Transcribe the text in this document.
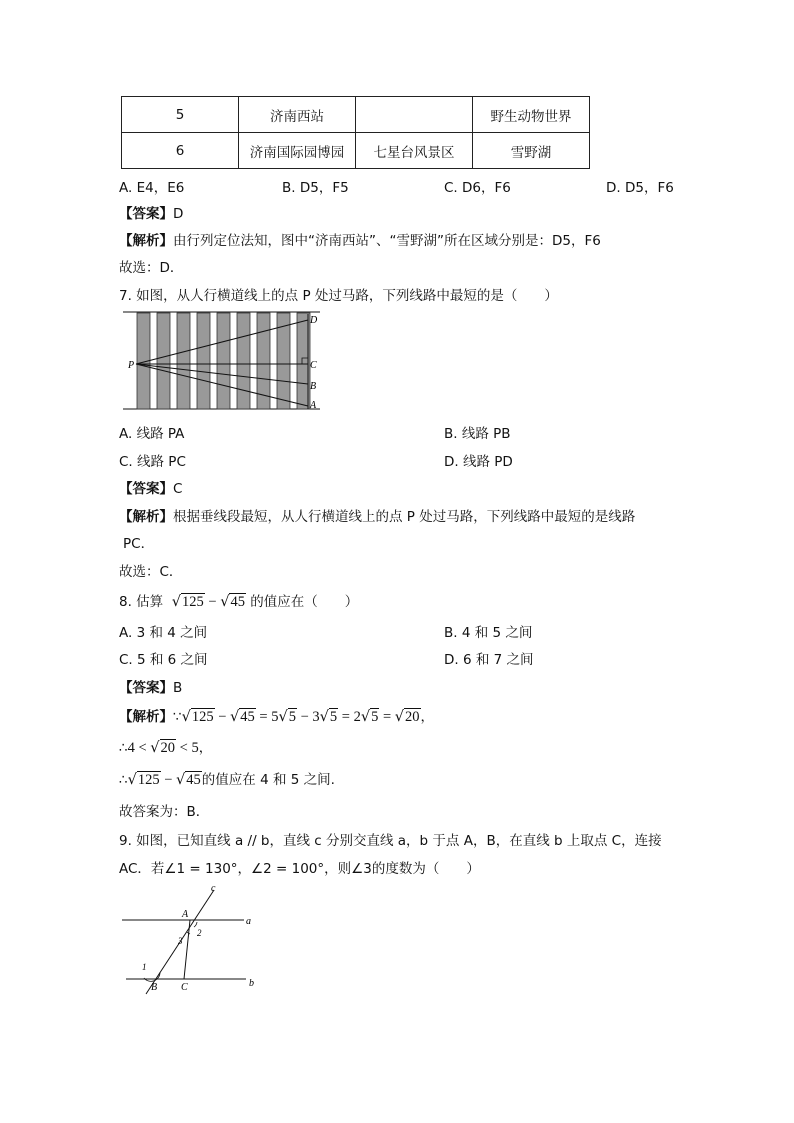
5	济南西站		野生动物世界
6	济南国际园博园	七星台风景区	雪野湖
A. E4，E6	B. D5，F5	C. D6，F6	D. D5，F6
【答案】D
【解析】由行列定位法知，图中“济南西站”、“雪野湖”所在区域分别是：D5，F6
故选：D．
7. 如图，从人行横道线上的点 P 处过马路，下列线路中最短的是（　　）
P
D
C
B
A
A. 线路 PA	B. 线路 PB
C. 线路 PC	D. 线路 PD
【答案】C
【解析】根据垂线段最短，从人行横道线上的点 P 处过马路，下列线路中最短的是线路
PC．
故选：C．
8. 估算 √125 − √45 的值应在（　　）
A. 3 和 4 之间	B. 4 和 5 之间
C. 5 和 6 之间	D. 6 和 7 之间
【答案】B
【解析】∵√125 − √45 = 5√5 − 3√5 = 2√5 = √20，
∴4 < √20 < 5，
∴√125 − √45的值应在 4 和 5 之间.
故答案为：B．
9. 如图，已知直线 a // b，直线 c 分别交直线 a，b 于点 A，B，在直线 b 上取点 C，连接
AC．若∠1 = 130°，∠2 = 100°，则∠3的度数为（　　）
c
a
b
A
B C
1
2
3
